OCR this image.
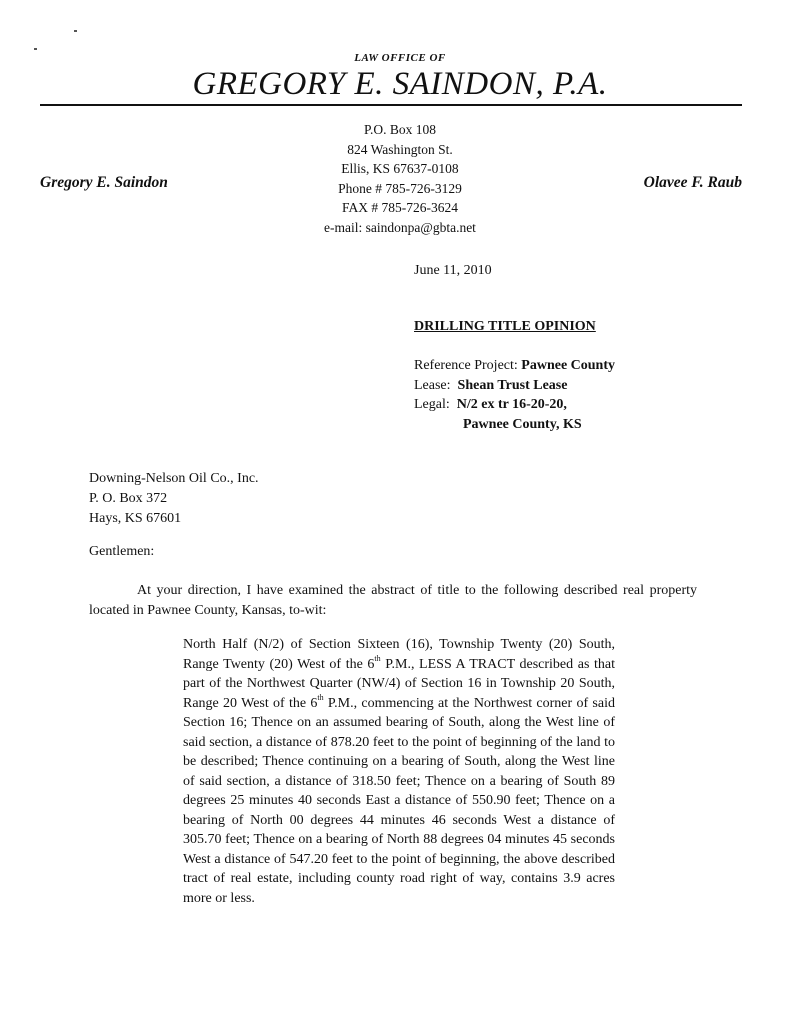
LAW OFFICE OF
GREGORY E. SAINDON, P.A.
P.O. Box 108
824 Washington St.
Ellis, KS 67637-0108
Phone # 785-726-3129
FAX # 785-726-3624
e-mail: saindonpa@gbta.net
Gregory E. Saindon	Olavee F. Raub
June 11, 2010
DRILLING TITLE OPINION
Reference Project: Pawnee County
Lease: Shean Trust Lease
Legal: N/2 ex tr 16-20-20,
Pawnee County, KS
Downing-Nelson Oil Co., Inc.
P. O. Box 372
Hays, KS 67601
Gentlemen:
At your direction, I have examined the abstract of title to the following described real property located in Pawnee County, Kansas, to-wit:
North Half (N/2) of Section Sixteen (16), Township Twenty (20) South, Range Twenty (20) West of the 6th P.M., LESS A TRACT described as that part of the Northwest Quarter (NW/4) of Section 16 in Township 20 South, Range 20 West of the 6th P.M., commencing at the Northwest corner of said Section 16; Thence on an assumed bearing of South, along the West line of said section, a distance of 878.20 feet to the point of beginning of the land to be described; Thence continuing on a bearing of South, along the West line of said section, a distance of 318.50 feet; Thence on a bearing of South 89 degrees 25 minutes 40 seconds East a distance of 550.90 feet; Thence on a bearing of North 00 degrees 44 minutes 46 seconds West a distance of 305.70 feet; Thence on a bearing of North 88 degrees 04 minutes 45 seconds West a distance of 547.20 feet to the point of beginning, the above described tract of real estate, including county road right of way, contains 3.9 acres more or less.
